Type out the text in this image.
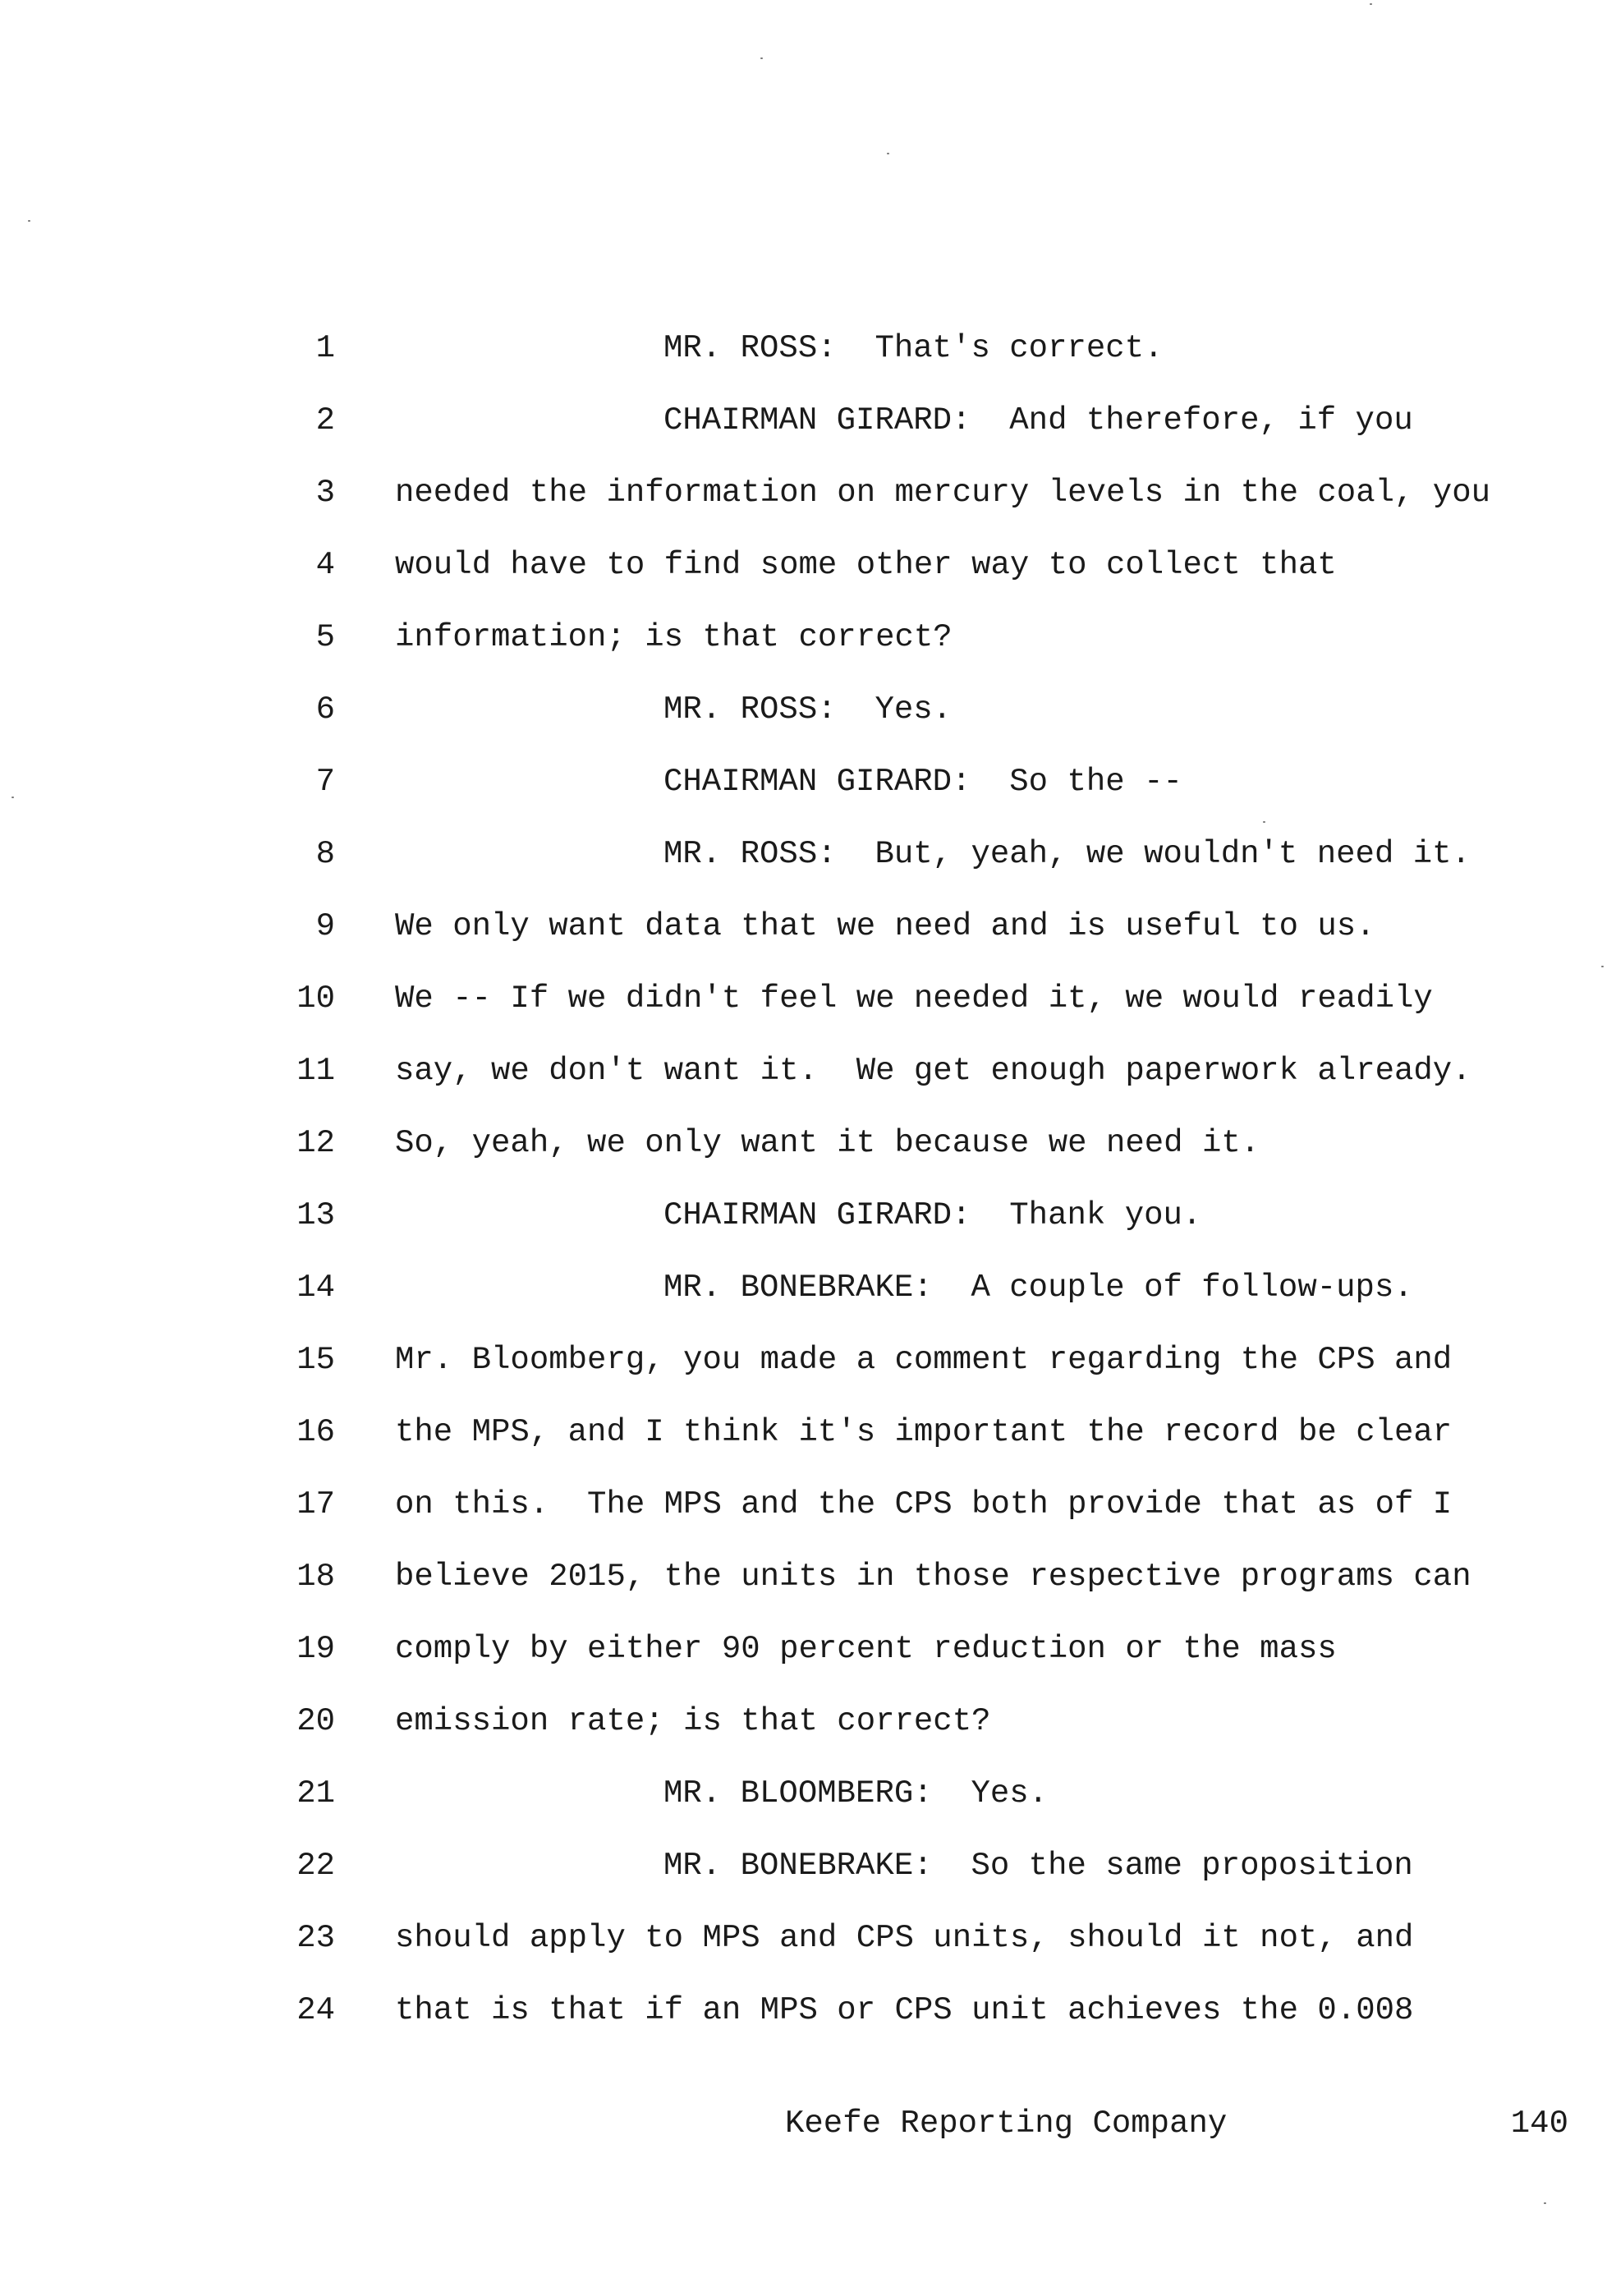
1

	MR. ROSS:  That's correct.

2

	CHAIRMAN GIRARD:  And therefore, if you

3

needed the information on mercury levels in the coal, you

4

would have to find some other way to collect that

5

information; is that correct?

6

	MR. ROSS:  Yes.

7

	CHAIRMAN GIRARD:  So the --

8

	MR. ROSS:  But, yeah, we wouldn't need it.

9

We only want data that we need and is useful to us.

10

We -- If we didn't feel we needed it, we would readily

11

say, we don't want it.  We get enough paperwork already.

12

So, yeah, we only want it because we need it.

13

	CHAIRMAN GIRARD:  Thank you.

14

	MR. BONEBRAKE:  A couple of follow-ups.

15

Mr. Bloomberg, you made a comment regarding the CPS and

16

the MPS, and I think it's important the record be clear

17

on this.  The MPS and the CPS both provide that as of I

18

believe 2015, the units in those respective programs can

19

comply by either 90 percent reduction or the mass

20

emission rate; is that correct?

21

	MR. BLOOMBERG:  Yes.

22

	MR. BONEBRAKE:  So the same proposition

23

should apply to MPS and CPS units, should it not, and

24

that is that if an MPS or CPS unit achieves the 0.008

Keefe Reporting Company

	140
